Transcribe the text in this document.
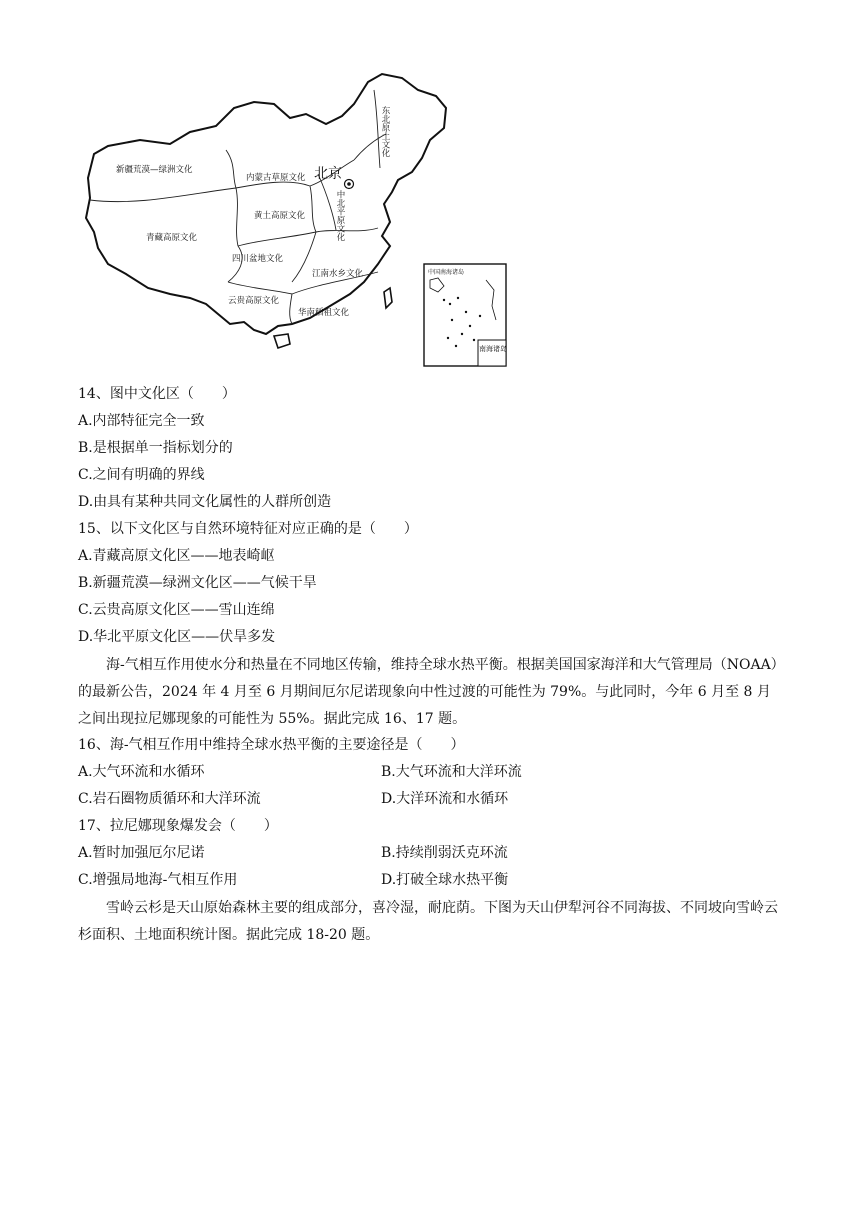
新疆荒漠—绿洲文化
内蒙古草原文化
黄土高原文化
青藏高原文化
四川盆地文化
江南水乡文化
云贵高原文化
华南稻祖文化
北京
东北原土文化
中北平原文化
中国南海诸岛
南海诸岛
14、图中文化区（　　）
A.内部特征完全一致
B.是根据单一指标划分的
C.之间有明确的界线
D.由具有某种共同文化属性的人群所创造
15、以下文化区与自然环境特征对应正确的是（　　）
A.青藏高原文化区——地表崎岖
B.新疆荒漠—绿洲文化区——气候干旱
C.云贵高原文化区——雪山连绵
D.华北平原文化区——伏旱多发
海-气相互作用使水分和热量在不同地区传输，维持全球水热平衡。根据美国国家海洋和大气管理局（NOAA）的最新公告，2024 年 4 月至 6 月期间厄尔尼诺现象向中性过渡的可能性为 79%。与此同时，今年 6 月至 8 月之间出现拉尼娜现象的可能性为 55%。据此完成 16、17 题。
16、海-气相互作用中维持全球水热平衡的主要途径是（　　）
A.大气环流和水循环	B.大气环流和大洋环流
C.岩石圈物质循环和大洋环流	D.大洋环流和水循环
17、拉尼娜现象爆发会（　　）
A.暂时加强厄尔尼诺	B.持续削弱沃克环流
C.增强局地海-气相互作用	D.打破全球水热平衡
雪岭云杉是天山原始森林主要的组成部分，喜冷湿，耐庇荫。下图为天山伊犁河谷不同海拔、不同坡向雪岭云杉面积、土地面积统计图。据此完成 18-20 题。
